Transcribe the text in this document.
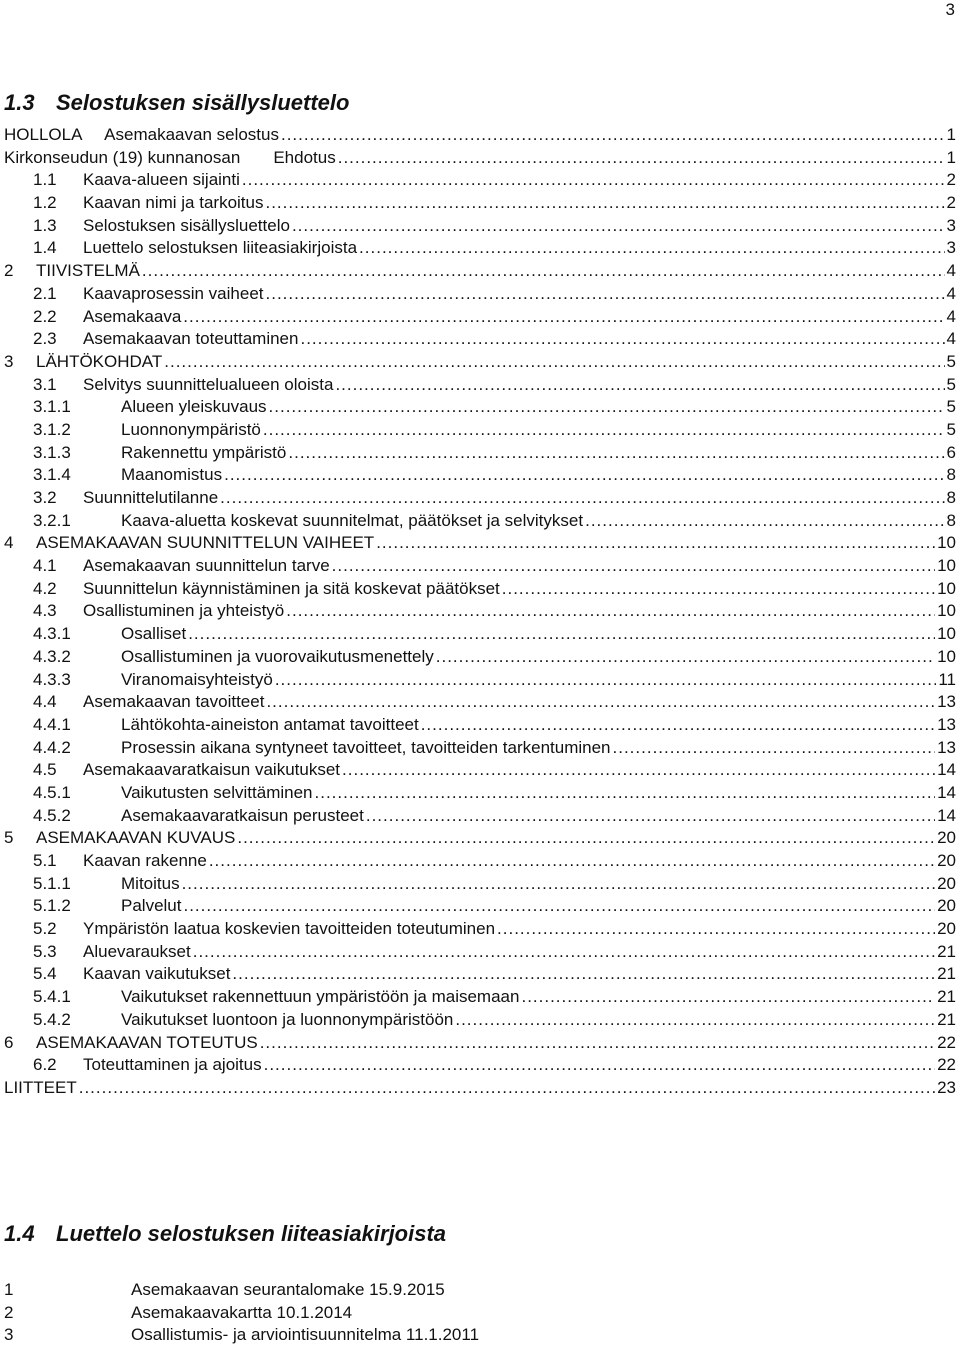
3
1.3 Selostuksen sisällysluettelo
HOLLOLA     Asemakaavan selostus .....	1
Kirkonseudun (19) kunnanosan       Ehdotus .....	1
1.1	Kaava-alueen sijainti .....	2
1.2	Kaavan nimi ja tarkoitus .....	2
1.3	Selostuksen sisällysluettelo .....	3
1.4	Luettelo selostuksen liiteasiakirjoista .....	3
2	TIIVISTELMÄ .....	4
2.1	Kaavaprosessin vaiheet .....	4
2.2	Asemakaava .....	4
2.3	Asemakaavan toteuttaminen .....	4
3	LÄHTÖKOHDAT .....	5
3.1	Selvitys suunnittelualueen oloista .....	5
3.1.1	Alueen yleiskuvaus .....	5
3.1.2	Luonnonympäristö .....	5
3.1.3	Rakennettu ympäristö .....	6
3.1.4	Maanomistus .....	8
3.2	Suunnittelutilanne .....	8
3.2.1	Kaava-aluetta koskevat suunnitelmat, päätökset ja selvitykset .....	8
4	ASEMAKAAVAN SUUNNITTELUN VAIHEET .....	10
4.1	Asemakaavan suunnittelun tarve .....	10
4.2	Suunnittelun käynnistäminen ja sitä koskevat päätökset .....	10
4.3	Osallistuminen ja yhteistyö .....	10
4.3.1	Osalliset .....	10
4.3.2	Osallistuminen ja vuorovaikutusmenettely .....	10
4.3.3	Viranomaisyhteistyö .....	11
4.4	Asemakaavan tavoitteet .....	13
4.4.1	Lähtökohta-aineiston antamat tavoitteet .....	13
4.4.2	Prosessin aikana syntyneet tavoitteet, tavoitteiden tarkentuminen .....	13
4.5	Asemakaavaratkaisun vaikutukset .....	14
4.5.1	Vaikutusten selvittäminen .....	14
4.5.2	Asemakaavaratkaisun perusteet .....	14
5	ASEMAKAAVAN KUVAUS .....	20
5.1	Kaavan rakenne .....	20
5.1.1	Mitoitus .....	20
5.1.2	Palvelut .....	20
5.2	Ympäristön laatua koskevien tavoitteiden toteutuminen .....	20
5.3	Aluevaraukset .....	21
5.4	Kaavan vaikutukset .....	21
5.4.1	Vaikutukset rakennettuun ympäristöön ja maisemaan .....	21
5.4.2	Vaikutukset luontoon ja luonnonympäristöön .....	21
6	ASEMAKAAVAN TOTEUTUS .....	22
6.2	Toteuttaminen ja ajoitus .....	22
LIITTEET .....	23
1.4 Luettelo selostuksen liiteasiakirjoista
1	Asemakaavan seurantalomake 15.9.2015
2	Asemakaavakartta 10.1.2014
3	Osallistumis- ja arviointisuunnitelma 11.1.2011
